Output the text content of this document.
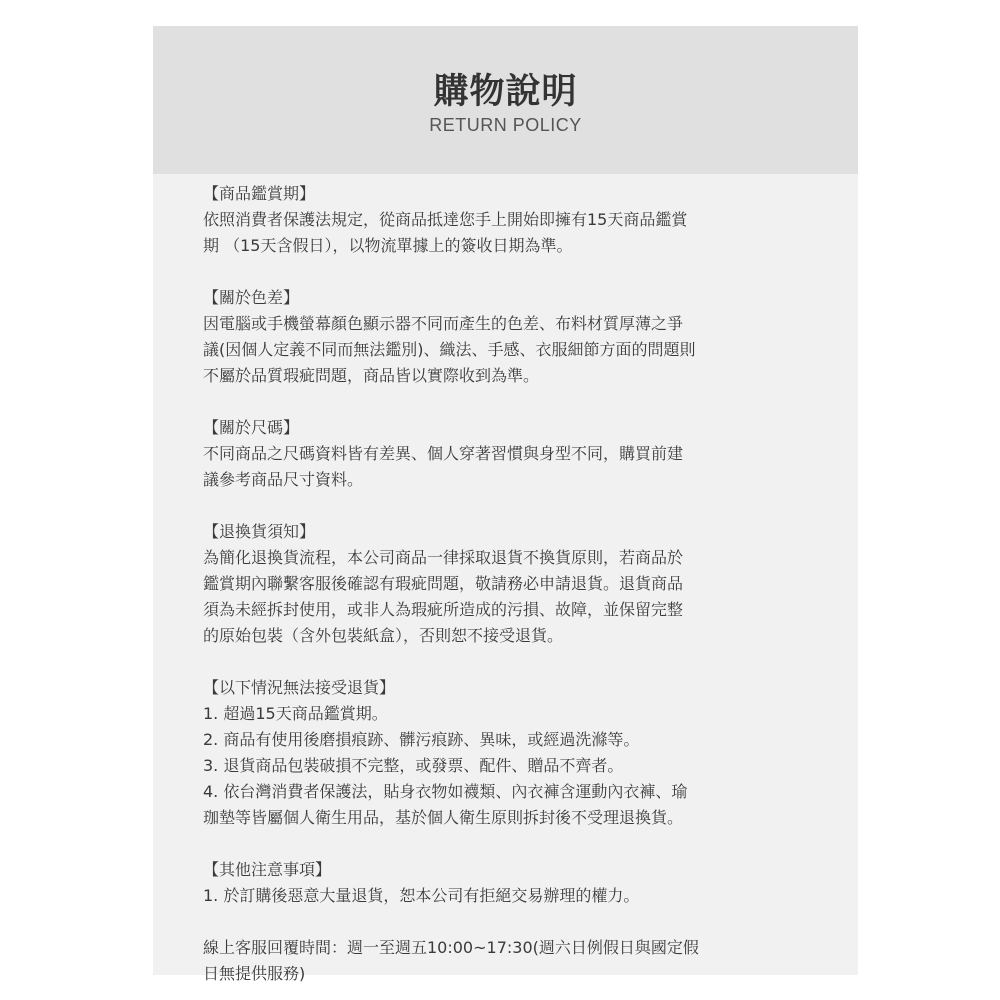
購物說明
RETURN POLICY

【商品鑑賞期】

依照消費者保護法規定，從商品抵達您手上開始即擁有15天商品鑑賞

期 （15天含假日），以物流單據上的簽收日期為準。

【關於色差】

因電腦或手機螢幕顏色顯示器不同而產生的色差、布料材質厚薄之爭

議(因個人定義不同而無法鑑別)、織法、手感、衣服細節方面的問題則

不屬於品質瑕疵問題，商品皆以實際收到為準。

【關於尺碼】

不同商品之尺碼資料皆有差異、個人穿著習慣與身型不同，購買前建

議參考商品尺寸資料。

【退換貨須知】

為簡化退換貨流程，本公司商品一律採取退貨不換貨原則，若商品於

鑑賞期內聯繫客服後確認有瑕疵問題，敬請務必申請退貨。退貨商品

須為未經拆封使用，或非人為瑕疵所造成的污損、故障，並保留完整

的原始包裝（含外包裝紙盒），否則恕不接受退貨。

【以下情況無法接受退貨】

1. 超過15天商品鑑賞期。

2. 商品有使用後磨損痕跡、髒污痕跡、異味，或經過洗滌等。

3. 退貨商品包裝破損不完整，或發票、配件、贈品不齊者。

4. 依台灣消費者保護法，貼身衣物如襪類、內衣褲含運動內衣褲、瑜

珈墊等皆屬個人衛生用品，基於個人衛生原則拆封後不受理退換貨。

【其他注意事項】

1. 於訂購後惡意大量退貨，恕本公司有拒絕交易辦理的權力。

線上客服回覆時間：週一至週五10:00~17:30(週六日例假日與國定假

日無提供服務)
